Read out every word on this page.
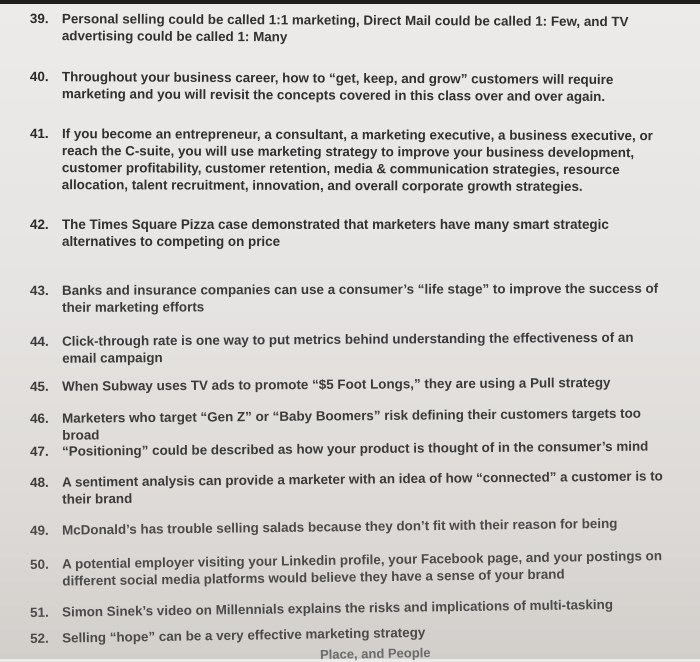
39. Personal selling could be called 1:1 marketing, Direct Mail could be called 1: Few, and TV advertising could be called 1: Many
40. Throughout your business career, how to “get, keep, and grow” customers will require marketing and you will revisit the concepts covered in this class over and over again.
41. If you become an entrepreneur, a consultant, a marketing executive, a business executive, or reach the C-suite, you will use marketing strategy to improve your business development, customer profitability, customer retention, media & communication strategies, resource allocation, talent recruitment, innovation, and overall corporate growth strategies.
42. The Times Square Pizza case demonstrated that marketers have many smart strategic alternatives to competing on price
43. Banks and insurance companies can use a consumer’s “life stage” to improve the success of their marketing efforts
44. Click-through rate is one way to put metrics behind understanding the effectiveness of an email campaign
45. When Subway uses TV ads to promote “$5 Foot Longs,” they are using a Pull strategy
46. Marketers who target “Gen Z” or “Baby Boomers” risk defining their customers targets too broad
47. “Positioning” could be described as how your product is thought of in the consumer’s mind
48. A sentiment analysis can provide a marketer with an idea of how “connected” a customer is to their brand
49. McDonald’s has trouble selling salads because they don’t fit with their reason for being
50. A potential employer visiting your Linkedin profile, your Facebook page, and your postings on different social media platforms would believe they have a sense of your brand
51. Simon Sinek’s video on Millennials explains the risks and implications of multi-tasking
52. Selling “hope” can be a very effective marketing strategy
Place, and People
